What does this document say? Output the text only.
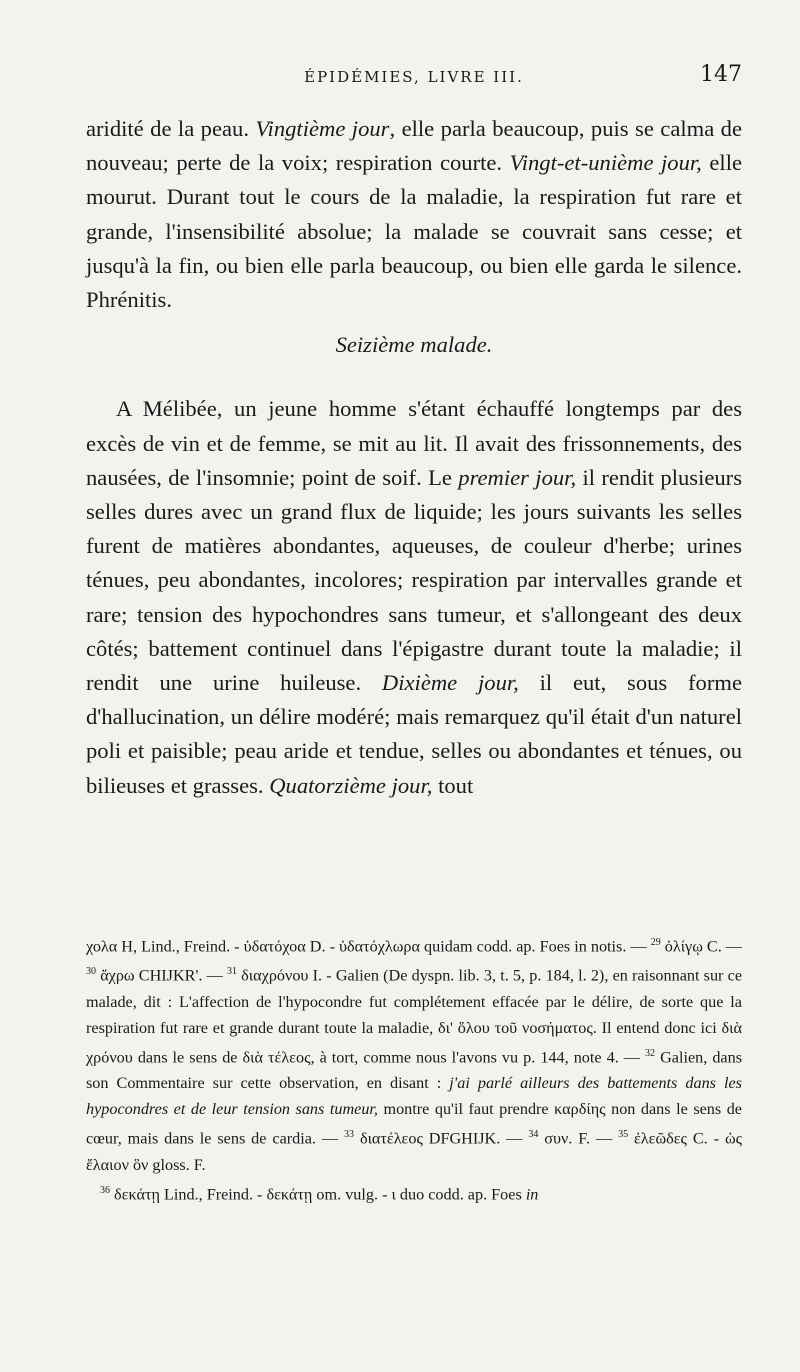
ÉPIDÉMIES, LIVRE III.	147

aridité de la peau. Vingtième jour, elle parla beaucoup, puis se calma de nouveau; perte de la voix; respiration courte. Vingt-et-unième jour, elle mourut. Durant tout le cours de la maladie, la respiration fut rare et grande, l'insensibilité absolue; la malade se couvrait sans cesse; et jusqu'à la fin, ou bien elle parla beaucoup, ou bien elle garda le silence. Phrénitis.

Seizième malade.

A Mélibée, un jeune homme s'étant échauffé longtemps par des excès de vin et de femme, se mit au lit. Il avait des frissonnements, des nausées, de l'insomnie; point de soif. Le premier jour, il rendit plusieurs selles dures avec un grand flux de liquide; les jours suivants les selles furent de matières abondantes, aqueuses, de couleur d'herbe; urines ténues, peu abondantes, incolores; respiration par intervalles grande et rare; tension des hypochondres sans tumeur, et s'allongeant des deux côtés; battement continuel dans l'épigastre durant toute la maladie; il rendit une urine huileuse. Dixième jour, il eut, sous forme d'hallucination, un délire modéré; mais remarquez qu'il était d'un naturel poli et paisible; peau aride et tendue, selles ou abondantes et ténues, ou bilieuses et grasses. Quatorzième jour, tout

χολα H, Lind., Freind. - ὑδατόχοα D. - ὑδατόχλωρα quidam codd. ap. Foes in notis. — $^{29}$ ὀλίγῳ C. — $^{30}$ ἄχρω CHIJKR'. — $^{31}$ διαχρόνου I. - Galien (De dyspn. lib. 3, t. 5, p. 184, l. 2), en raisonnant sur ce malade, dit : L'affection de l'hypocondre fut complétement effacée par le délire, de sorte que la respiration fut rare et grande durant toute la maladie, δι' ὅλου τοῦ νοσήματος. Il entend donc ici διὰ χρόνου dans le sens de διὰ τέλεος, à tort, comme nous l'avons vu p. 144, note 4. — $^{32}$ Galien, dans son Commentaire sur cette observation, en disant : j'ai parlé ailleurs des battements dans les hypocondres et de leur tension sans tumeur, montre qu'il faut prendre καρδίης non dans le sens de cœur, mais dans le sens de cardia. — $^{33}$ διατέλεος DFGHIJK. — $^{34}$ συν. F. — $^{35}$ ἐλεῶδες C. - ὡς ἔλαιον ὃν gloss. F.

$^{36}$ δεκάτῃ Lind., Freind. - δεκάτῃ om. vulg. - ι duo codd. ap. Foes in
